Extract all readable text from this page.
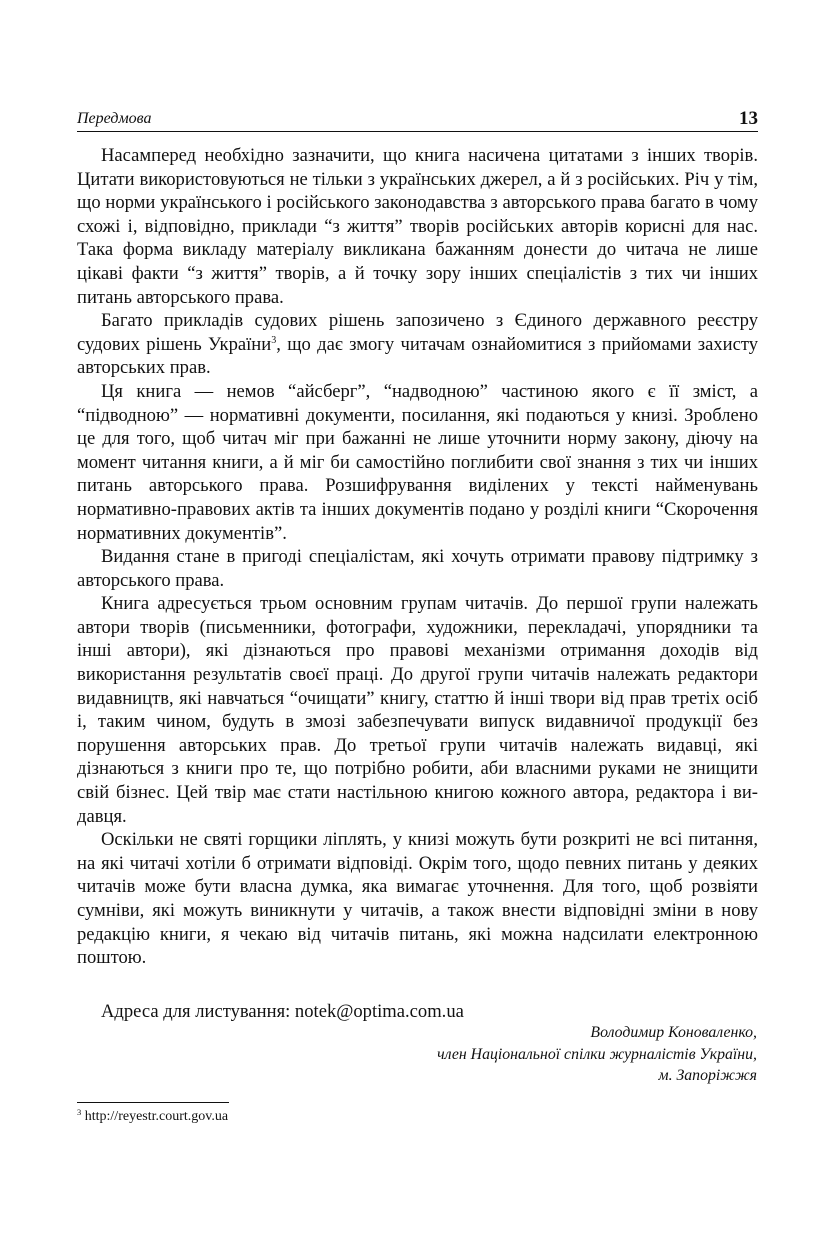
Передмова	13

Насамперед необхідно зазначити, що книга насичена цитатами з інших творів. Цитати використовуються не тільки з українських джерел, а й з російських. Річ у тім, що норми українського і російського законодавства з авторського права багато в чому схожі і, відповідно, приклади “з життя” творів російських авторів корисні для нас. Така форма викладу матеріалу викликана бажанням донести до читача не лише цікаві факти “з життя” творів, а й точку зору інших спеціалістів з тих чи інших питань авторського права.

Багато прикладів судових рішень запозичено з Єдиного державного реєстру судових рішень України$^3$, що дає змогу читачам ознайомитися з прийомами захисту авторських прав.

Ця книга — немов “айсберг”, “надводною” частиною якого є її зміст, а “підводною” — нормативні документи, посилання, які подаються у книзі. Зроблено це для того, щоб читач міг при бажанні не лише уточнити норму закону, діючу на момент читання книги, а й міг би самостійно поглибити свої знання з тих чи інших питань авторського права. Розшифрування виділених у тексті найменувань нормативно-правових актів та інших документів подано у розділі книги “Скорочення нормативних документів”.

Видання стане в пригоді спеціалістам, які хочуть отримати правову підтримку з авторського права.

Книга адресується трьом основним групам читачів. До першої групи належать автори творів (письменники, фотографи, художники, перекладачі, упорядники та інші автори), які дізнаються про правові механізми отримання доходів від використання результатів своєї праці. До другої групи читачів належать редактори видавництв, які навчаться “очищати” книгу, статтю й інші твори від прав третіх осіб і, таким чином, будуть в змозі забезпечувати випуск видавничої продукції без порушення авторських прав. До третьої групи читачів належать видавці, які дізнаються з книги про те, що потрібно робити, аби власними руками не знищити свій бізнес. Цей твір має стати настільною книгою кожного автора, редактора і видавця.

Оскільки не святі горщики ліплять, у книзі можуть бути розкриті не всі питання, на які читачі хотіли б отримати відповіді. Окрім того, щодо певних питань у деяких читачів може бути власна думка, яка вимагає уточнення. Для того, щоб розвіяти сумніви, які можуть виникнути у читачів, а також внести відповідні зміни в нову редакцію книги, я чекаю від читачів питань, які можна надсилати електронною поштою.

Адреса для листування: notek@optima.com.ua
Володимир Коноваленко,
член Національної спілки журналістів України,
м. Запоріжжя
$^3$ http://reyestr.court.gov.ua
